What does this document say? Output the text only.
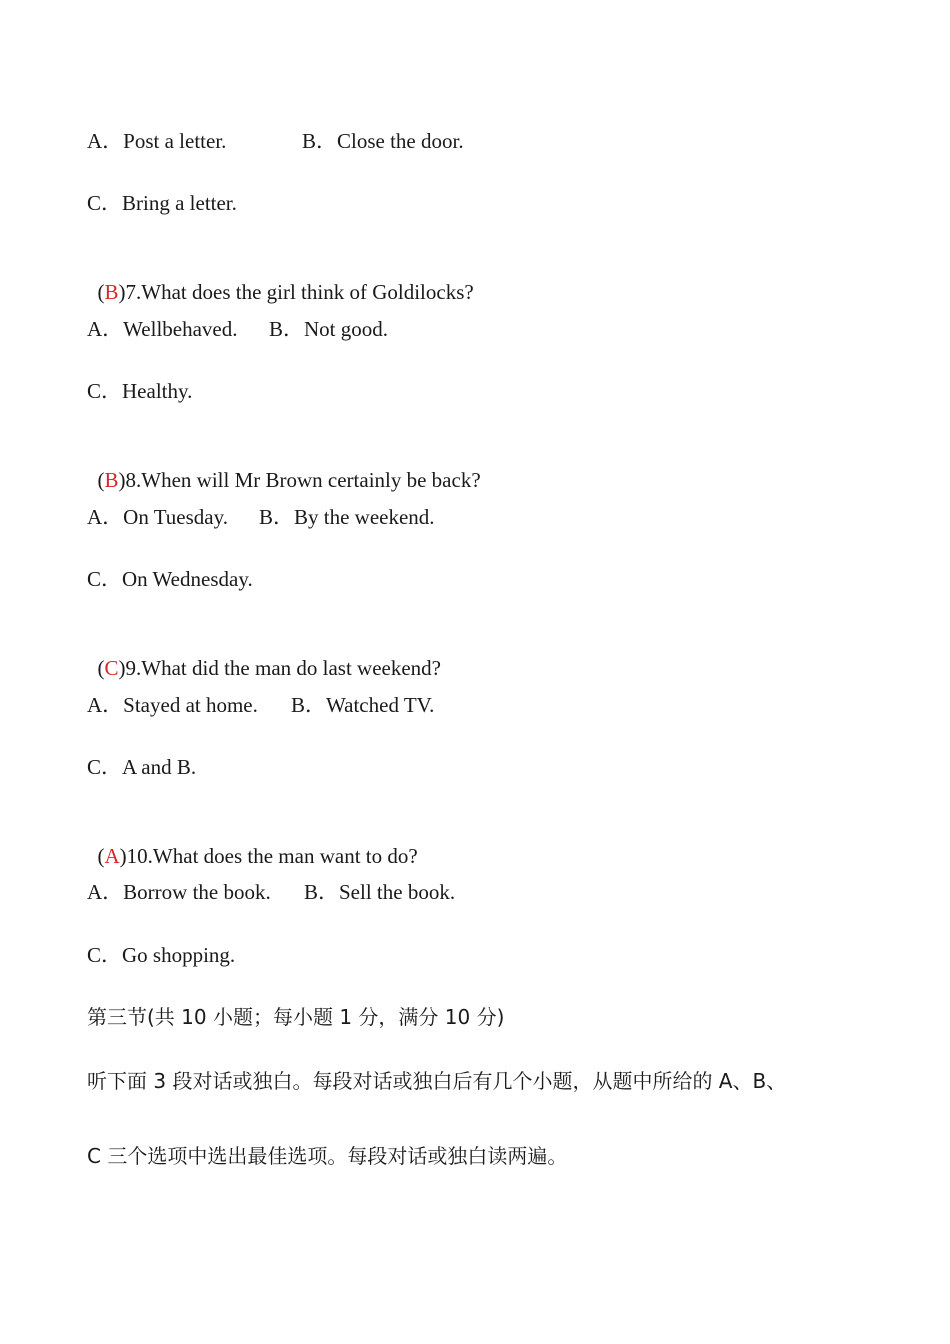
A．Post a letter.	B．Close the door.
C．Bring a letter.

(B)7.What does the girl think of Goldilocks?

A．Wellbehaved. B．Not good.
C．Healthy.

(B)8.When will Mr Brown certainly be back?

A．On Tuesday. B．By the weekend.
C．On Wednesday.

(C)9.What did the man do last weekend?

A．Stayed at home. B．Watched TV.
C．A and B.

(A)10.What does the man want to do?

A．Borrow the book. B．Sell the book.
C．Go shopping.
第三节(共 10 小题；每小题 1 分，满分 10 分)
听下面 3 段对话或独白。每段对话或独白后有几个小题，从题中所给的 A、B、
C 三个选项中选出最佳选项。每段对话或独白读两遍。
